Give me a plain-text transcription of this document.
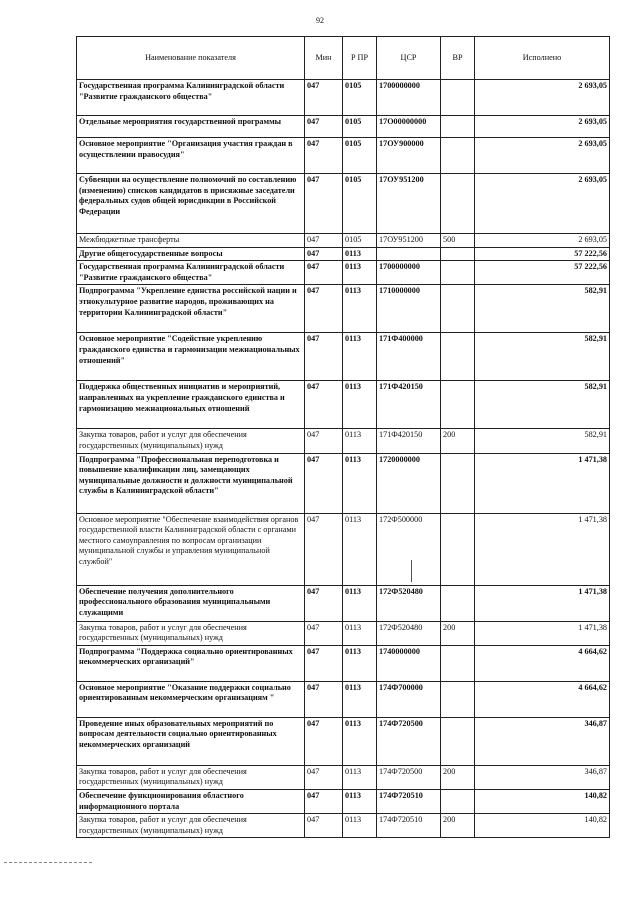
92
Наименование показателя	Мин	Р ПР	ЦСР	ВР	Исполнено
Государственная программа Калининградской области "Развитие гражданского общества"	047	0105	1700000000		2 693,05
Отдельные мероприятия государственной программы	047	0105	17О00000000		2 693,05
Основное мероприятие "Организация участия граждан в осуществлении правосудия"	047	0105	17ОУ900000		2 693,05
Субвенции на осуществление полномочий по составлению (изменению) списков кандидатов в присяжные заседатели федеральных судов общей юрисдикции в Российской Федерации	047	0105	17ОУ951200		2 693,05
Межбюджетные трансферты	047	0105	17ОУ951200	500	2 693,05
Другие общегосударственные вопросы	047	0113			57 222,56
Государственная программа Калининградской области "Развитие гражданского общества"	047	0113	1700000000		57 222,56
Подпрограмма "Укрепление единства российской нации и этнокультурное развитие народов, проживающих на территории Калининградской области"	047	0113	1710000000		582,91
Основное мероприятие "Содействие укреплению гражданского единства и гармонизации межнациональных отношений"	047	0113	171Ф400000		582,91
Поддержка общественных инициатив и мероприятий, направленных на укрепление гражданского единства и гармонизацию межнациональных отношений	047	0113	171Ф420150		582,91
Закупка товаров, работ и услуг для обеспечения государственных (муниципальных) нужд	047	0113	171Ф420150	200	582,91
Подпрограмма "Профессиональная переподготовка и повышение квалификации лиц, замещающих муниципальные должности и должности муниципальной службы в Калининградской области"	047	0113	1720000000		1 471,38
Основное мероприятие "Обеспечение взаимодействия органов государственной власти Калининградской области с органами местного самоуправления по вопросам организации муниципальной службы и управления муниципальной службой"	047	0113	172Ф500000		1 471,38
Обеспечение получения дополнительного профессионального образования муниципальными служащими	047	0113	172Ф520480		1 471,38
Закупка товаров, работ и услуг для обеспечения государственных (муниципальных) нужд	047	0113	172Ф520480	200	1 471,38
Подпрограмма "Поддержка социально ориентированных некоммерческих организаций"	047	0113	1740000000		4 664,62
Основное мероприятие "Оказание поддержки социально ориентированным некоммерческим организациям "	047	0113	174Ф700000		4 664,62
Проведение иных образовательных мероприятий по вопросам деятельности социально ориентированных некоммерческих организаций	047	0113	174Ф720500		346,87
Закупка товаров, работ и услуг для обеспечения государственных (муниципальных) нужд	047	0113	174Ф720500	200	346,87
Обеспечение функционирования областного информационного портала	047	0113	174Ф720510		140,82
Закупка товаров, работ и услуг для обеспечения государственных (муниципальных) нужд	047	0113	174Ф720510	200	140,82
